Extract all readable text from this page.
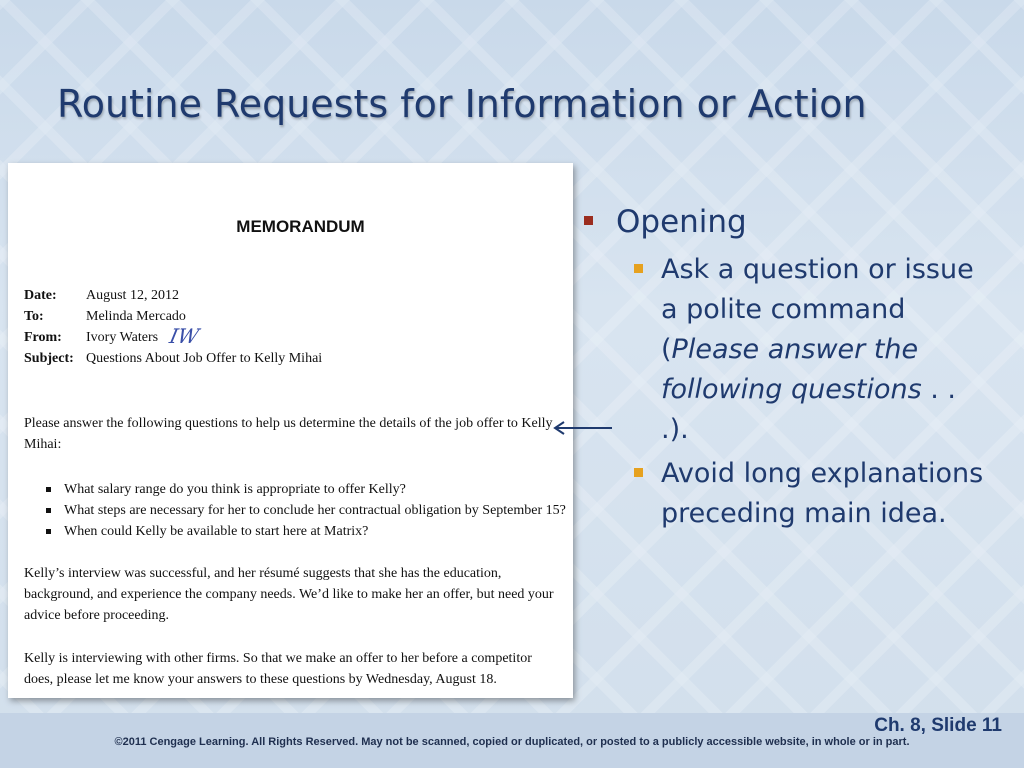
Routine Requests for Information or Action
MEMORANDUM
Date:	August 12, 2012
To:	Melinda Mercado
From:	Ivory Waters
Subject: Questions About Job Offer to Kelly Mihai
IW
Please answer the following questions to help us determine the details of the job offer to Kelly Mihai:
What salary range do you think is appropriate to offer Kelly?
What steps are necessary for her to conclude her contractual obligation by September 15?
When could Kelly be available to start here at Matrix?
Kelly’s interview was successful, and her résumé suggests that she has the education, background, and experience the company needs. We’d like to make her an offer, but need your advice before proceeding.
Kelly is interviewing with other firms. So that we make an offer to her before a competitor does, please let me know your answers to these questions by Wednesday, August 18.
Opening
Ask a question or issue a polite command (Please answer the following questions . . .).
Avoid long explanations preceding main idea.
Ch. 8, Slide 11
©2011 Cengage Learning. All Rights Reserved. May not be scanned, copied or duplicated, or posted to a publicly accessible website, in whole or in part.
